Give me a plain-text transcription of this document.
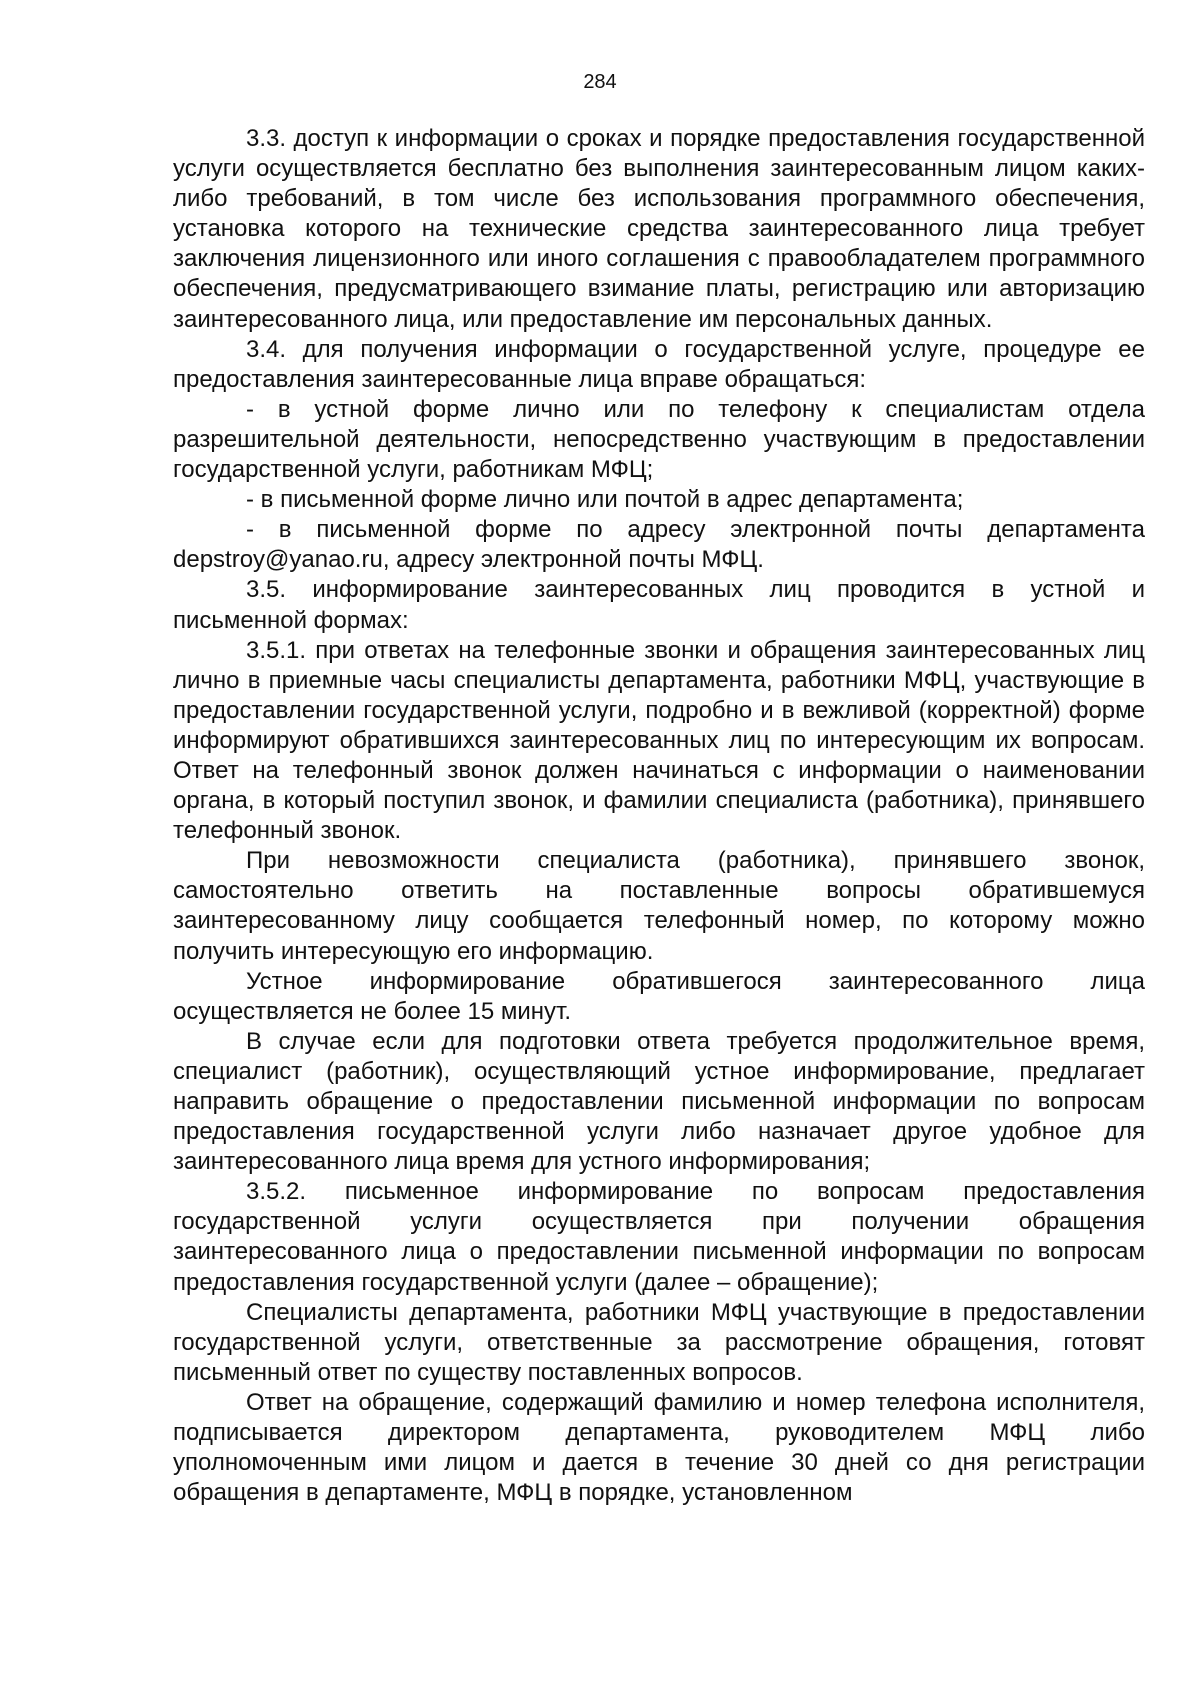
284

3.3. доступ к информации о сроках и порядке предоставления государственной услуги осуществляется бесплатно без выполнения заинтересованным лицом каких-либо требований, в том числе без использования программного обеспечения, установка которого на технические средства заинтересованного лица требует заключения лицензионного или иного соглашения с правообладателем программного обеспечения, предусматривающего взимание платы, регистрацию или авторизацию заинтересованного лица, или предоставление им персональных данных.

3.4. для получения информации о государственной услуге, процедуре ее предоставления заинтересованные лица вправе обращаться:

- в устной форме лично или по телефону к специалистам отдела разрешительной деятельности, непосредственно участвующим в предоставлении государственной услуги, работникам МФЦ;

- в письменной форме лично или почтой в адрес департамента;

- в письменной форме по адресу электронной почты департамента depstroy@yanao.ru, адресу электронной почты МФЦ.

3.5. информирование заинтересованных лиц проводится в устной и письменной формах:

3.5.1. при ответах на телефонные звонки и обращения заинтересованных лиц лично в приемные часы специалисты департамента, работники МФЦ, участвующие в предоставлении государственной услуги, подробно и в вежливой (корректной) форме информируют обратившихся заинтересованных лиц по интересующим их вопросам. Ответ на телефонный звонок должен начинаться с информации о наименовании органа, в который поступил звонок, и фамилии специалиста (работника), принявшего телефонный звонок.

При невозможности специалиста (работника), принявшего звонок, самостоятельно ответить на поставленные вопросы обратившемуся заинтересованному лицу сообщается телефонный номер, по которому можно получить интересующую его информацию.

Устное информирование обратившегося заинтересованного лица осуществляется не более 15 минут.

В случае если для подготовки ответа требуется продолжительное время, специалист (работник), осуществляющий устное информирование, предлагает направить обращение о предоставлении письменной информации по вопросам предоставления государственной услуги либо назначает другое удобное для заинтересованного лица время для устного информирования;

3.5.2. письменное информирование по вопросам предоставления государственной услуги осуществляется при получении обращения заинтересованного лица о предоставлении письменной информации по вопросам предоставления государственной услуги (далее – обращение);

Специалисты департамента, работники МФЦ участвующие в предоставлении государственной услуги, ответственные за рассмотрение обращения, готовят письменный ответ по существу поставленных вопросов.

Ответ на обращение, содержащий фамилию и номер телефона исполнителя, подписывается директором департамента, руководителем МФЦ либо уполномоченным ими лицом и дается в течение 30 дней со дня регистрации обращения в департаменте, МФЦ в порядке, установленном
